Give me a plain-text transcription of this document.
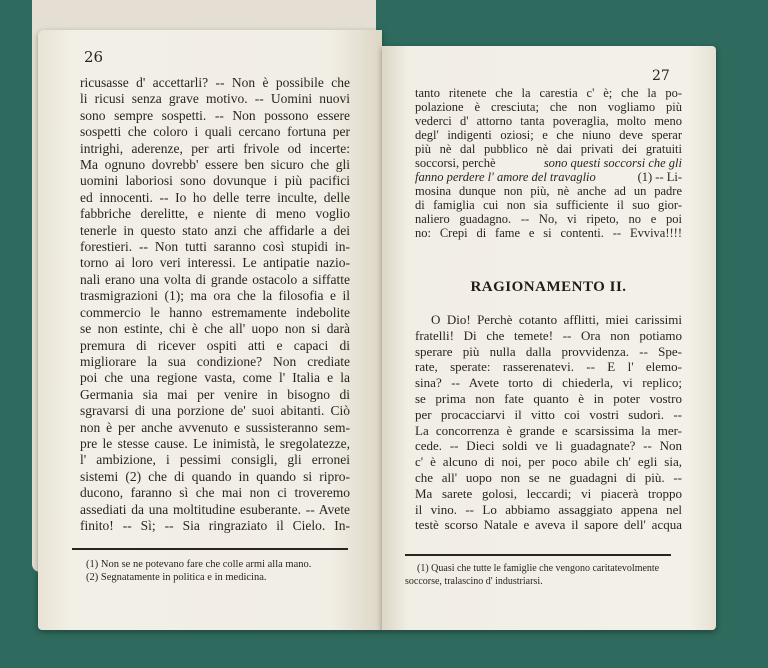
26
ricusasse d' accettarli? -- Non è possibile che
li ricusi senza grave motivo. -- Uomini nuovi
sono sempre sospetti. -- Non possono essere
sospetti che coloro i quali cercano fortuna per
intrighi, aderenze, per arti frivole od incerte:
Ma ognuno dovrebb' essere ben sicuro che gli
uomini laboriosi sono dovunque i più pacifici
ed innocenti. -- Io ho delle terre inculte, delle
fabbriche derelitte, e niente di meno voglio
tenerle in questo stato anzi che affidarle a dei
forestieri. -- Non tutti saranno così stupidi in-
torno ai loro veri interessi. Le antipatie nazio-
nali erano una volta di grande ostacolo a siffatte
trasmigrazioni (1); ma ora che la filosofia e il
commercio le hanno estremamente indebolite
se non estinte, chi è che all' uopo non si darà
premura di ricever ospiti atti e capaci di
migliorare la sua condizione? Non crediate
poi che una regione vasta, come l' Italia e la
Germania sia mai per venire in bisogno di
sgravarsi di una porzione de' suoi abitanti. Ciò
non è per anche avvenuto e sussisteranno sem-
pre le stesse cause. Le inimistà, le sregolatezze,
l' ambizione, i pessimi consigli, gli erronei
sistemi (2) che di quando in quando si ripro-
ducono, faranno sì che mai non ci troveremo
assediati da una moltitudine esuberante. -- Avete
finito! -- Sì; -- Sia ringraziato il Cielo. In-
(1) Non se ne potevano fare che colle armi alla mano.
(2) Segnatamente in politica e in medicina.
27
tanto ritenete che la carestia c' è; che la po-
polazione è cresciuta; che non vogliamo più
vederci d' attorno tanta poveraglia, molto meno
degl' indigenti oziosi; e che niuno deve sperar
più nè dal pubblico nè dai privati dei gratuiti
soccorsi, perchè	sono questi soccorsi che gli
fanno perdere l' amore del travaglio	(1) -- Li-
mosina dunque non più, nè anche ad un padre
di famiglia cui non sia sufficiente il suo gior-
naliero guadagno. -- No, vi ripeto, no e poi
no: Crepi di fame e si contenti. -- Evviva!!!!
RAGIONAMENTO II.
O Dio! Perchè cotanto afflitti, miei carissimi
fratelli! Di che temete! -- Ora non potiamo
sperare più nulla dalla provvidenza. -- Spe-
rate, sperate: rasserenatevi. -- E l' elemo-
sina? -- Avete torto di chiederla, vi replico;
se prima non fate quanto è in poter vostro
per procacciarvi il vitto coi vostri sudori. --
La concorrenza è grande e scarsissima la mer-
cede. -- Dieci soldi ve li guadagnate? -- Non
c' è alcuno di noi, per poco abile ch' egli sia,
che all' uopo non se ne guadagni di più. --
Ma sarete golosi, leccardi; vi piacerà troppo
il vino. -- Lo abbiamo assaggiato appena nel
testè scorso Natale e aveva il sapore dell' acqua
(1) Quasi che tutte le famiglie che vengono caritatevolmente
soccorse, tralascino d' industriarsi.
